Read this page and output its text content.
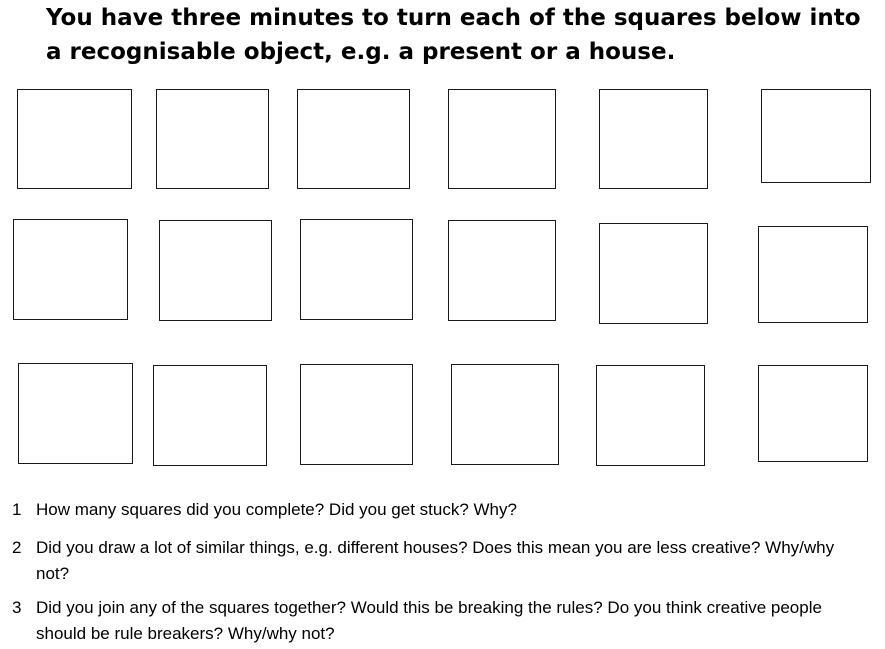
You have three minutes to turn each of the squares below into a recognisable object, e.g. a present or a house.

1 How many squares did you complete? Did you get stuck? Why?
2 Did you draw a lot of similar things, e.g. different houses? Does this mean you are less creative? Why/why not?
3 Did you join any of the squares together? Would this be breaking the rules? Do you think creative people should be rule breakers? Why/why not?
